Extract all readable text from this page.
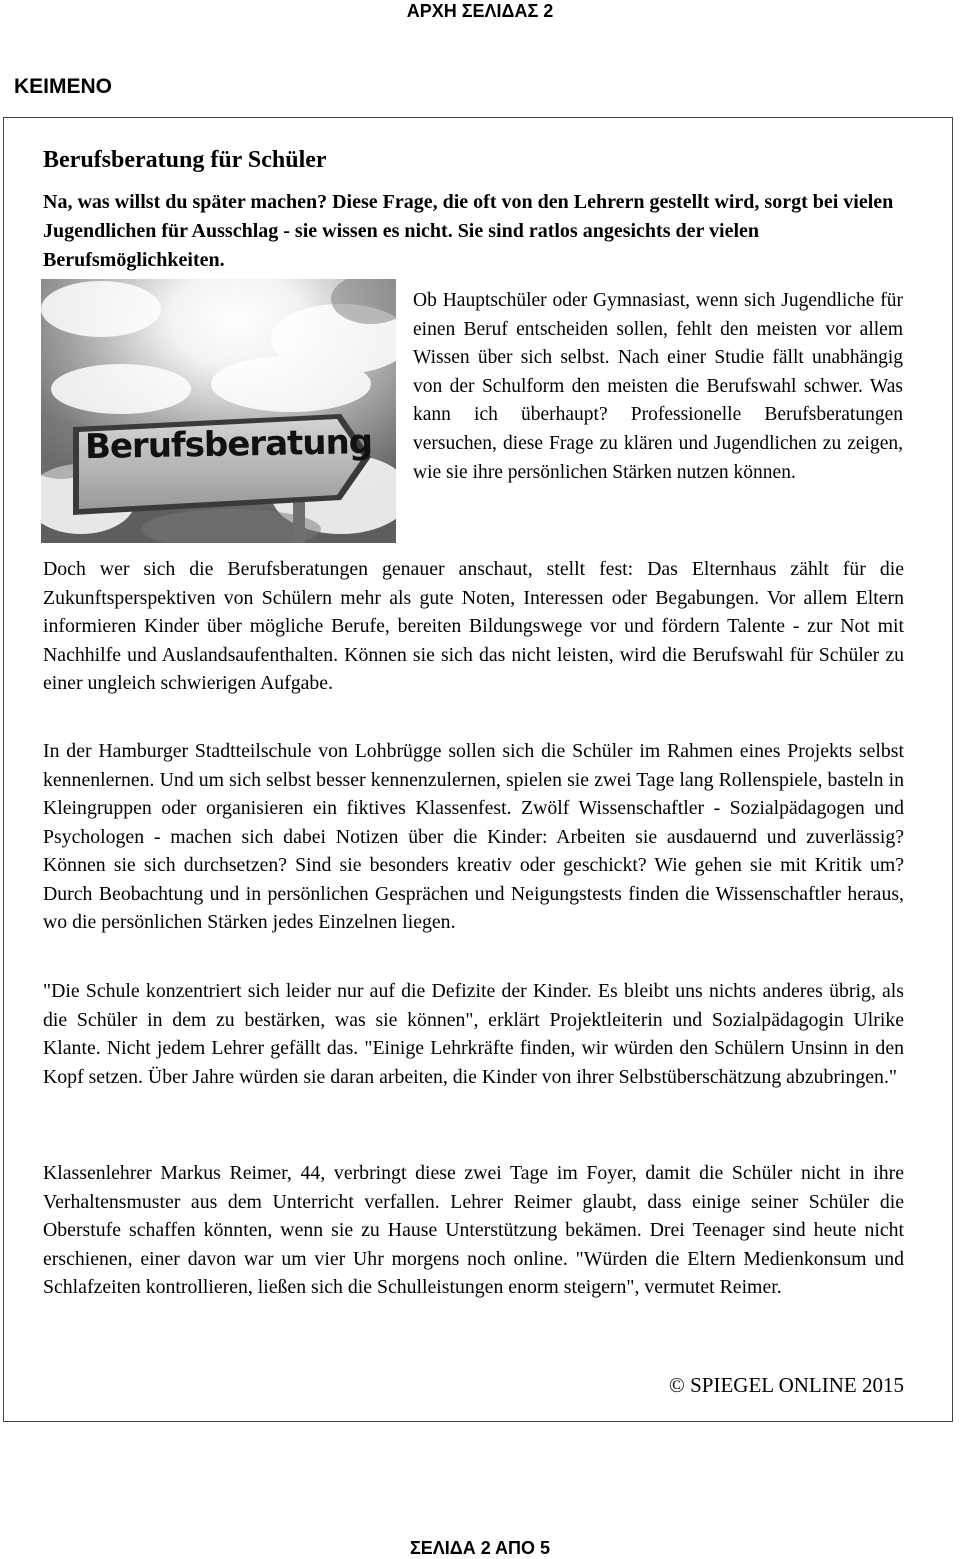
ΑΡΧΗ ΣΕΛΙΔΑΣ 2
KEIMENO
Berufsberatung für Schüler
Na, was willst du später machen? Diese Frage, die oft von den Lehrern gestellt wird, sorgt bei vielen Jugendlichen für Ausschlag - sie wissen es nicht. Sie sind ratlos angesichts der vielen Berufsmöglichkeiten.
Berufsberatung
Ob Hauptschüler oder Gymnasiast, wenn sich Jugendliche für einen Beruf entscheiden sollen, fehlt den meisten vor allem Wissen über sich selbst. Nach einer Studie fällt unabhängig von der Schulform den meisten die Berufswahl schwer. Was kann ich überhaupt? Professionelle Berufsberatungen versuchen, diese Frage zu klären und Jugendlichen zu zeigen, wie sie ihre persönlichen Stärken nutzen können.

Doch wer sich die Berufsberatungen genauer anschaut, stellt fest: Das Elternhaus zählt für die Zukunftsperspektiven von Schülern mehr als gute Noten, Interessen oder Begabungen. Vor allem Eltern informieren Kinder über mögliche Berufe, bereiten Bildungswege vor und fördern Talente - zur Not mit Nachhilfe und Auslandsaufenthalten. Können sie sich das nicht leisten, wird die Berufswahl für Schüler zu einer ungleich schwierigen Aufgabe.

In der Hamburger Stadtteilschule von Lohbrügge sollen sich die Schüler im Rahmen eines Projekts selbst kennenlernen. Und um sich selbst besser kennenzulernen, spielen sie zwei Tage lang Rollenspiele, basteln in Kleingruppen oder organisieren ein fiktives Klassenfest. Zwölf Wissenschaftler - Sozialpädagogen und Psychologen - machen sich dabei Notizen über die Kinder: Arbeiten sie ausdauernd und zuverlässig? Können sie sich durchsetzen? Sind sie besonders kreativ oder geschickt? Wie gehen sie mit Kritik um? Durch Beobachtung und in persönlichen Gesprächen und Neigungstests finden die Wissenschaftler heraus, wo die persönlichen Stärken jedes Einzelnen liegen.

"Die Schule konzentriert sich leider nur auf die Defizite der Kinder. Es bleibt uns nichts anderes übrig, als die Schüler in dem zu bestärken, was sie können", erklärt Projektleiterin und Sozialpädagogin Ulrike Klante. Nicht jedem Lehrer gefällt das. "Einige Lehrkräfte finden, wir würden den Schülern Unsinn in den Kopf setzen. Über Jahre würden sie daran arbeiten, die Kinder von ihrer Selbstüberschätzung abzubringen."

Klassenlehrer Markus Reimer, 44, verbringt diese zwei Tage im Foyer, damit die Schüler nicht in ihre Verhaltensmuster aus dem Unterricht verfallen. Lehrer Reimer glaubt, dass einige seiner Schüler die Oberstufe schaffen könnten, wenn sie zu Hause Unterstützung bekämen. Drei Teenager sind heute nicht erschienen, einer davon war um vier Uhr morgens noch online. "Würden die Eltern Medienkonsum und Schlafzeiten kontrollieren, ließen sich die Schulleistungen enorm steigern", vermutet Reimer.

© SPIEGEL ONLINE 2015
ΣΕΛΙΔΑ 2 ΑΠΟ 5
